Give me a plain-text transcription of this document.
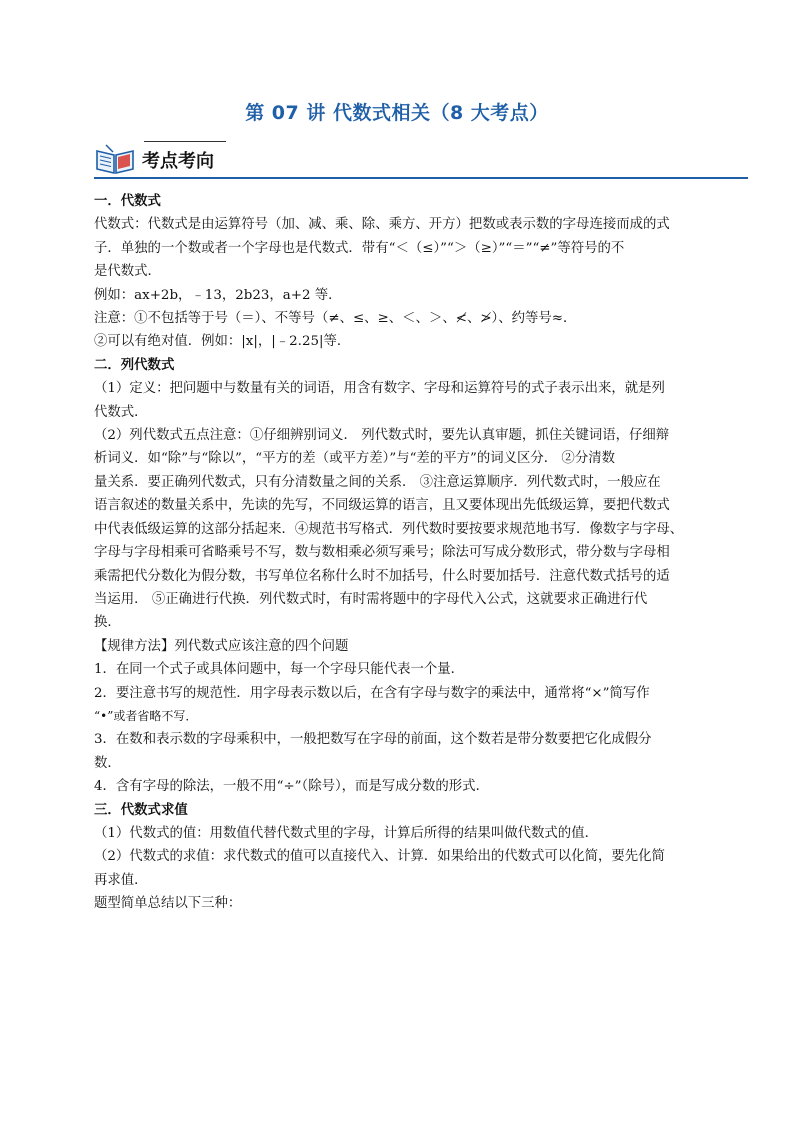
第 07 讲 代数式相关（8 大考点）
考点考向

一．代数式

代数式：代数式是由运算符号（加、减、乘、除、乘方、开方）把数或表示数的字母连接而成的式

子．单独的一个数或者一个字母也是代数式．带有“＜（≤）”“＞（≥）”“＝”“≠”等符号的不

是代数式．

例如：ax+2b，﹣13，2b23，a+2 等．

注意：①不包括等于号（＝）、不等号（≠、≤、≥、＜、＞、≮、≯）、约等号≈．

②可以有绝对值．例如：|x|，|﹣2.25|等．

二．列代数式

（1）定义：把问题中与数量有关的词语，用含有数字、字母和运算符号的式子表示出来，就是列

代数式．

（2）列代数式五点注意：①仔细辨别词义． 列代数式时，要先认真审题，抓住关键词语，仔细辩

析词义．如“除”与“除以”，“平方的差（或平方差）”与“差的平方”的词义区分． ②分清数

量关系．要正确列代数式，只有分清数量之间的关系． ③注意运算顺序．列代数式时，一般应在

语言叙述的数量关系中，先读的先写，不同级运算的语言，且又要体现出先低级运算，要把代数式

中代表低级运算的这部分括起来．④规范书写格式．列代数时要按要求规范地书写．像数字与字母、

字母与字母相乘可省略乘号不写，数与数相乘必须写乘号；除法可写成分数形式，带分数与字母相

乘需把代分数化为假分数，书写单位名称什么时不加括号，什么时要加括号．注意代数式括号的适

当运用． ⑤正确进行代换．列代数式时，有时需将题中的字母代入公式，这就要求正确进行代

换．

【规律方法】列代数式应该注意的四个问题

1．在同一个式子或具体问题中，每一个字母只能代表一个量．

2．要注意书写的规范性．用字母表示数以后，在含有字母与数字的乘法中，通常将“×”简写作

“•”或者省略不写．

3．在数和表示数的字母乘积中，一般把数写在字母的前面，这个数若是带分数要把它化成假分

数．

4．含有字母的除法，一般不用“÷”（除号），而是写成分数的形式．

三．代数式求值

（1）代数式的值：用数值代替代数式里的字母，计算后所得的结果叫做代数式的值．

（2）代数式的求值：求代数式的值可以直接代入、计算．如果给出的代数式可以化简，要先化简

再求值．

题型简单总结以下三种：
